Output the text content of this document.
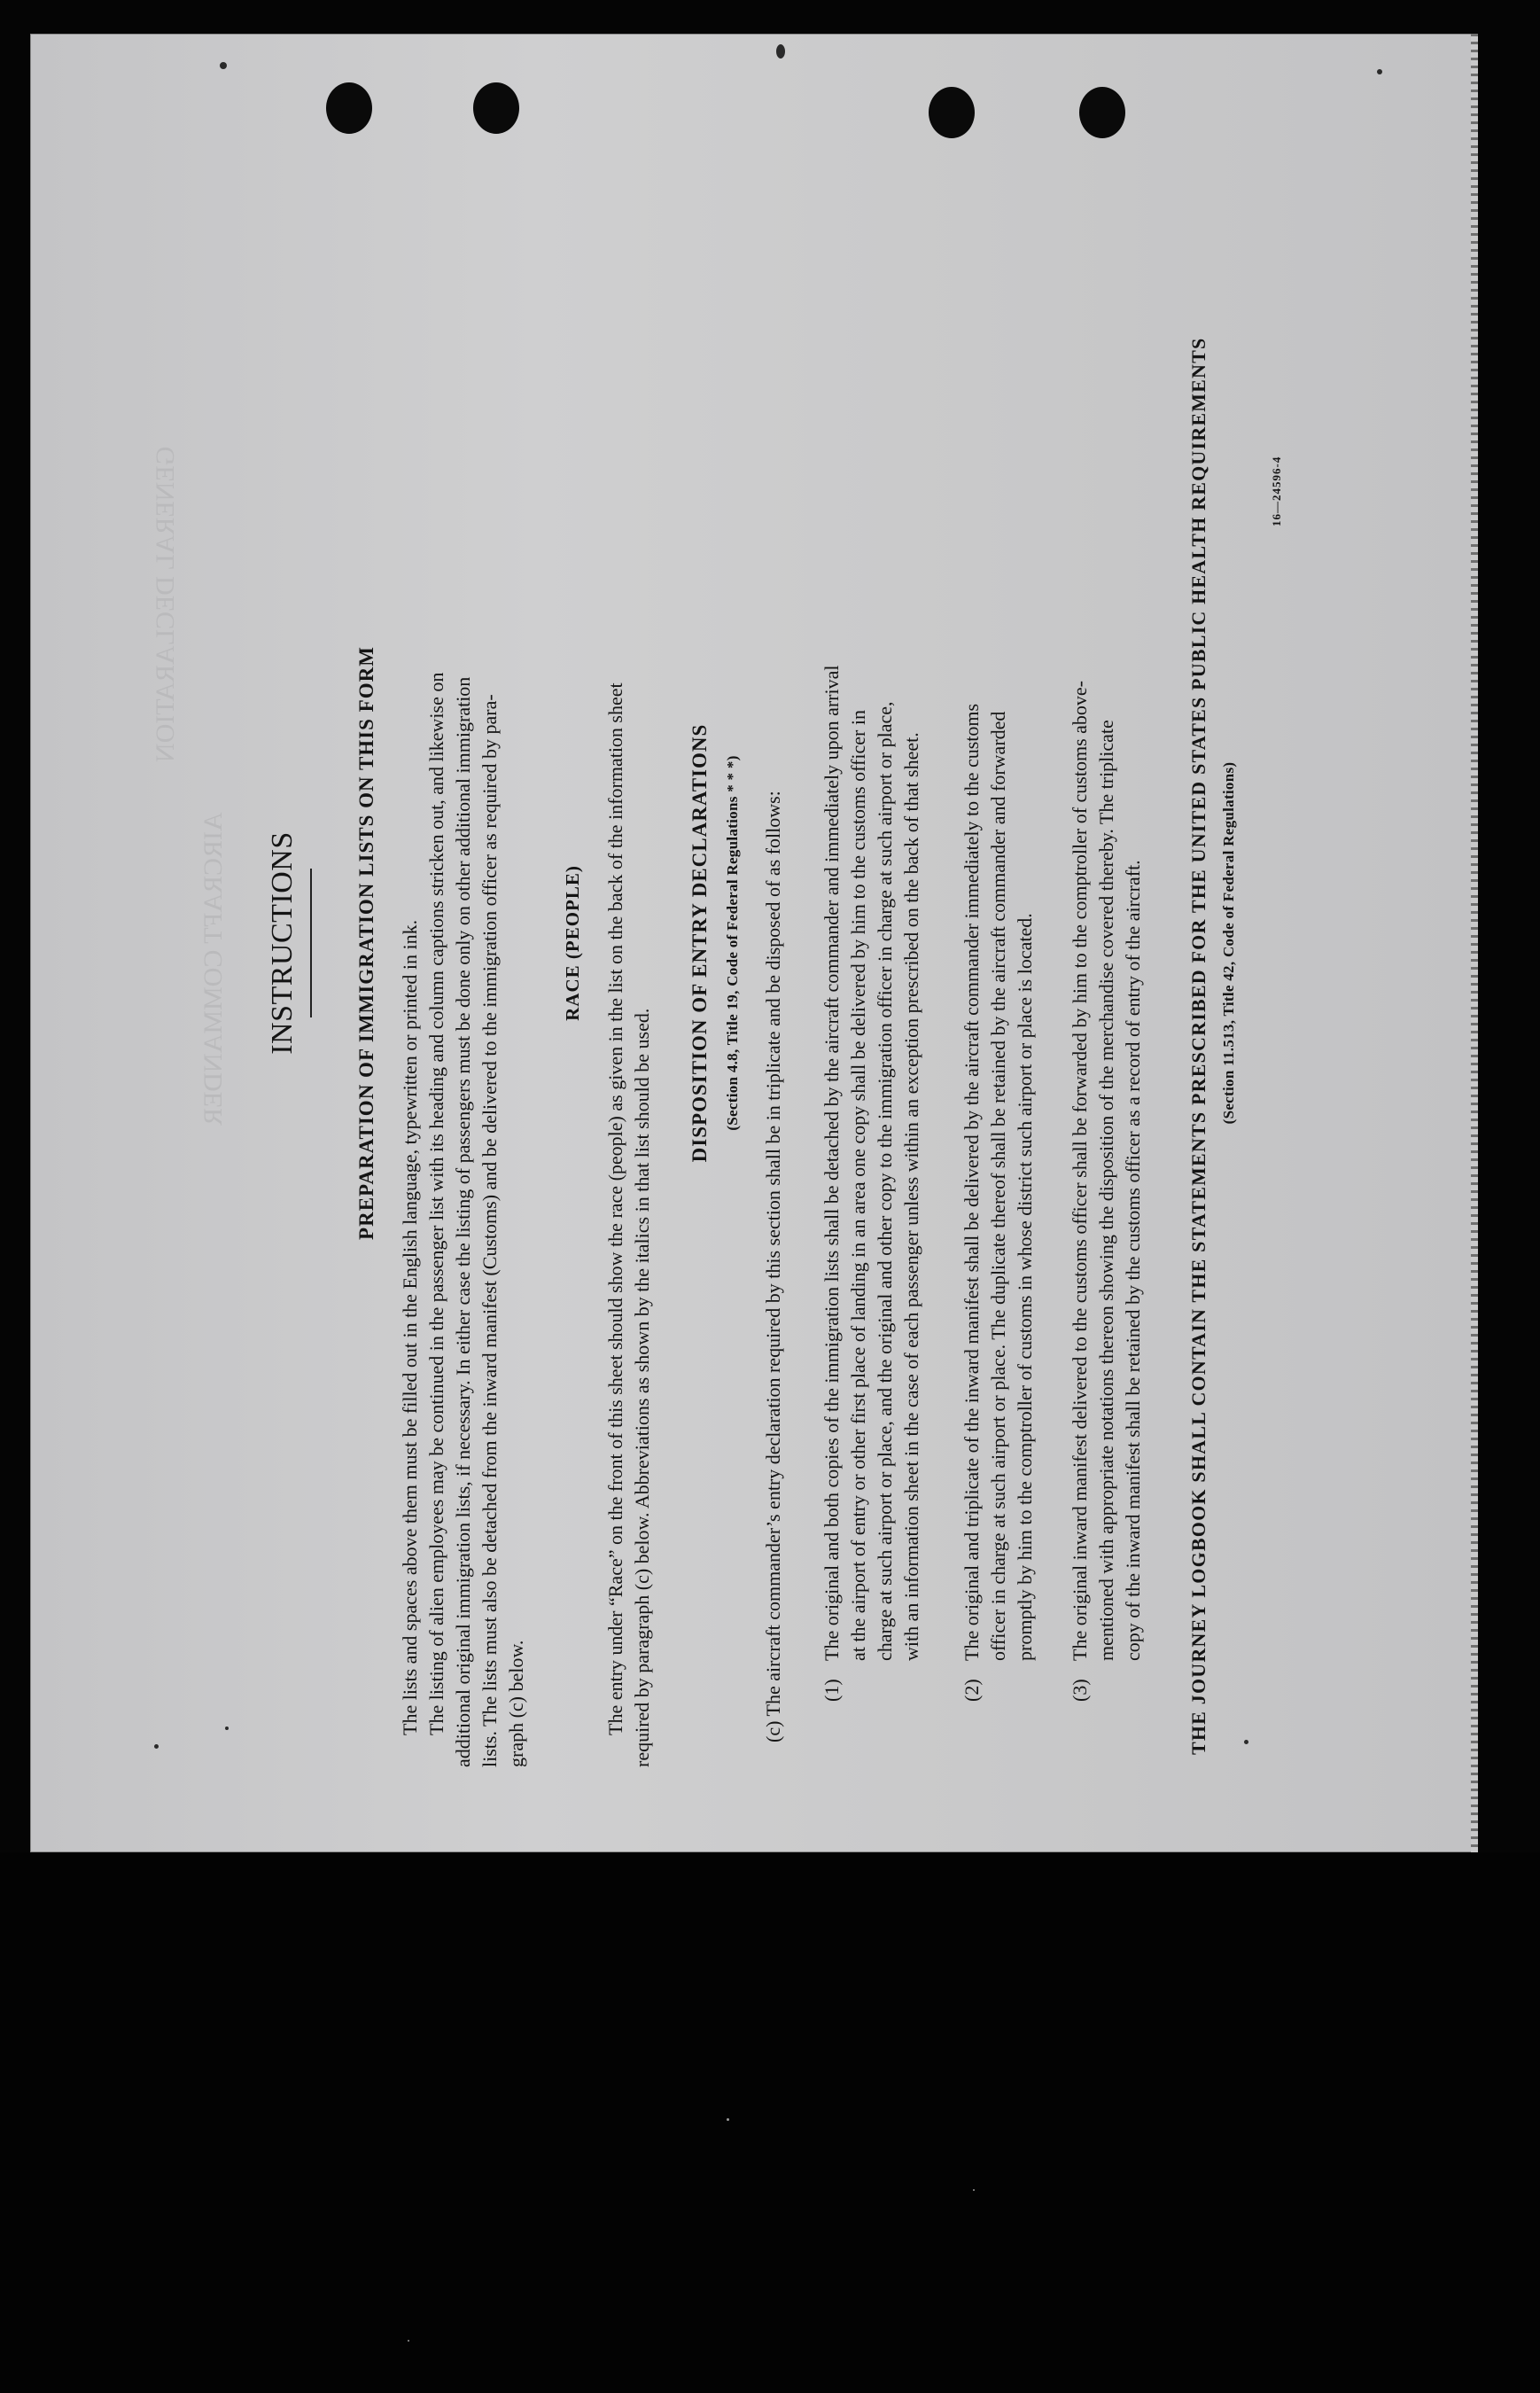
GENERAL DECLARATION
AIRCRAFT COMMANDER INSTRUCTIONS	PREPARATION OF IMMIGRATION LISTS ON THIS FORM The lists and spaces above them must be filled out in the English language, typewritten or printed in ink. The listing of alien employees may be continued in the passenger list with its heading and column captions stricken out, and likewise on additional original immigration lists, if necessary. In either case the listing of passengers must be done only on other additional immigration lists. The lists must also be detached from the inward manifest (Customs) and be delivered to the immigration officer as required by para- graph (c) below.
RACE (PEOPLE) The entry under “Race” on the front of this sheet should show the race (people) as given in the list on the back of the information sheet required by paragraph (c) below. Abbreviations as shown by the italics in that list should be used.
DISPOSITION OF ENTRY DECLARATIONS (Section 4.8, Title 19, Code of Federal Regulations * * *) (c) The aircraft commander’s entry declaration required by this section shall be in triplicate and be disposed of as follows: (1)
The original and both copies of the immigration lists shall be detached by the aircraft commander and immediately upon arrival at the airport of entry or other first place of landing in an area one copy shall be delivered by him to the customs officer in charge at such airport or place, and the original and other copy to the immigration officer in charge at such airport or place, with an information sheet in the case of each passenger unless within an exception prescribed on the back of that sheet.
(2)
The original and triplicate of the inward manifest shall be delivered by the aircraft commander immediately to the customs officer in charge at such airport or place. The duplicate thereof shall be retained by the aircraft commander and forwarded promptly by him to the comptroller of customs in whose district such airport or place is located.
(3)
The original inward manifest delivered to the customs officer shall be forwarded by him to the comptroller of customs above- mentioned with appropriate notations thereon showing the disposition of the merchandise covered thereby. The triplicate copy of the inward manifest shall be retained by the customs officer as a record of entry of the aircraft. THE JOURNEY LOGBOOK SHALL CONTAIN THE STATEMENTS PRESCRIBED FOR THE UNITED STATES PUBLIC HEALTH REQUIREMENTS (Section 11.513, Title 42, Code of Federal Regulations)
16—24596-4
